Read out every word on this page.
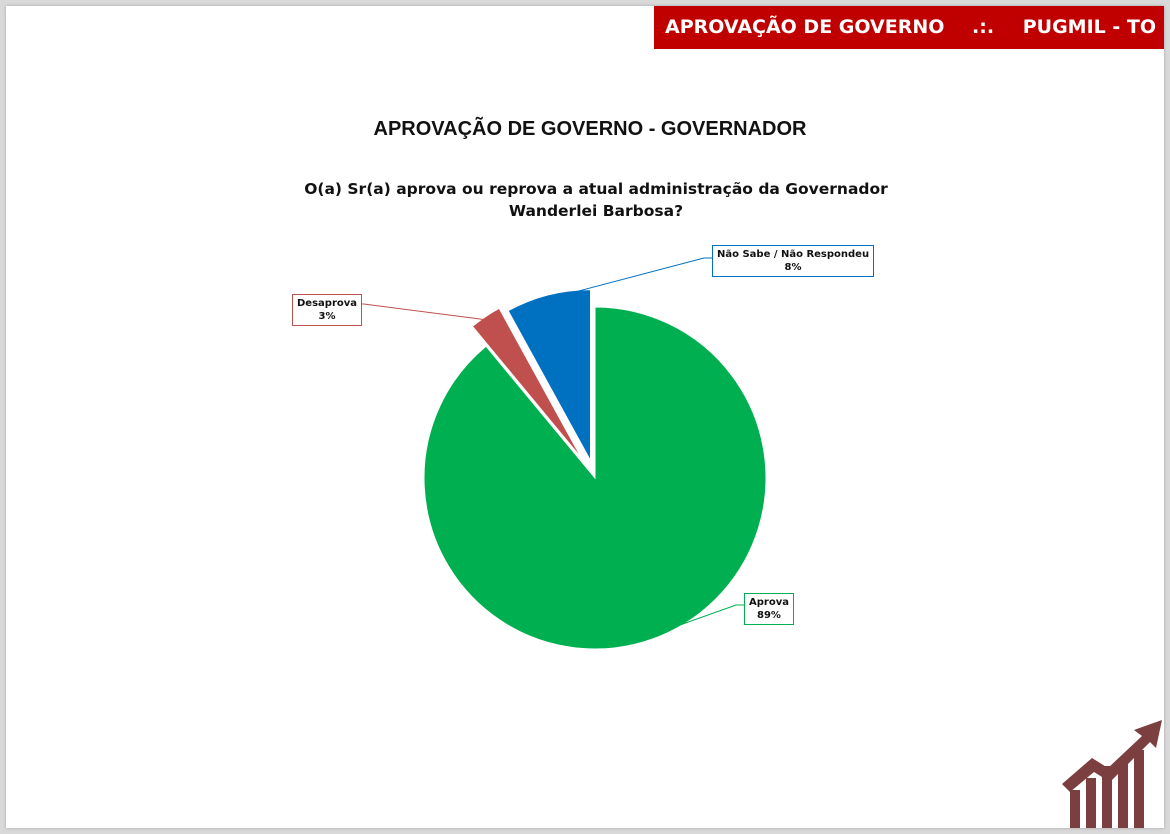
APROVAÇÃO DE GOVERNO .:. PUGMIL - TO
APROVAÇÃO DE GOVERNO - GOVERNADOR
O(a) Sr(a) aprova ou reprova a atual administração da Governador Wanderlei Barbosa?
Aprova
89%
Desaprova
3%
Não Sabe / Não Respondeu
8%
